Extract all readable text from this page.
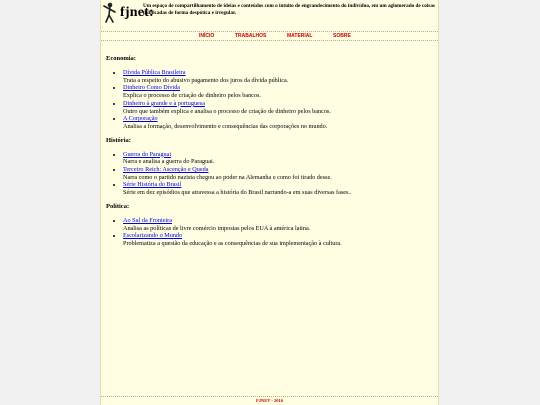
fjnet:
Um espaço de compartilhamento de ideias e conteúdos com o intuito de engrandecimento do indivíduo, em um aglomerado de coisas publicadas de forma despótica e irregular.
INÍCIO	TRABALHOS	MATERIAL	SOBRE
Economia:
• Dívida Pública Brasileira
Trata a respeito do abusivo pagamento dos juros da dívida pública.
• Dinheiro Como Dívida
Explica o processo de criação de dinheiro pelos bancos.
• Dinheiro à grande e à portuguesa
Outro que também explica e analisa o processo de criação de dinheiro pelos bancos.
• A Corporação
Analisa a formação, desenvolvimento e consequências das corporações no mundo.
História:
• Guerra do Paraguai
Narra e analisa a guerra do Paraguai.
• Terceiro Reich: Ascenção e Queda
Narra como o partido nazista chegou ao poder na Alemanha e como foi tirado desse.
• Série História do Brasil
Série em dez episódios que atravessa a história do Brasil narrando-a em suas diversas fases..
Política:
• Ao Sul da Fronteira
Analisa as políticas de livre comércio impostas pelos EUA à américa latina.
• Escolarizando o Mundo
Problematiza a questão da educação e as consequências de sua implementação à cultura.
FJNET - 2016
